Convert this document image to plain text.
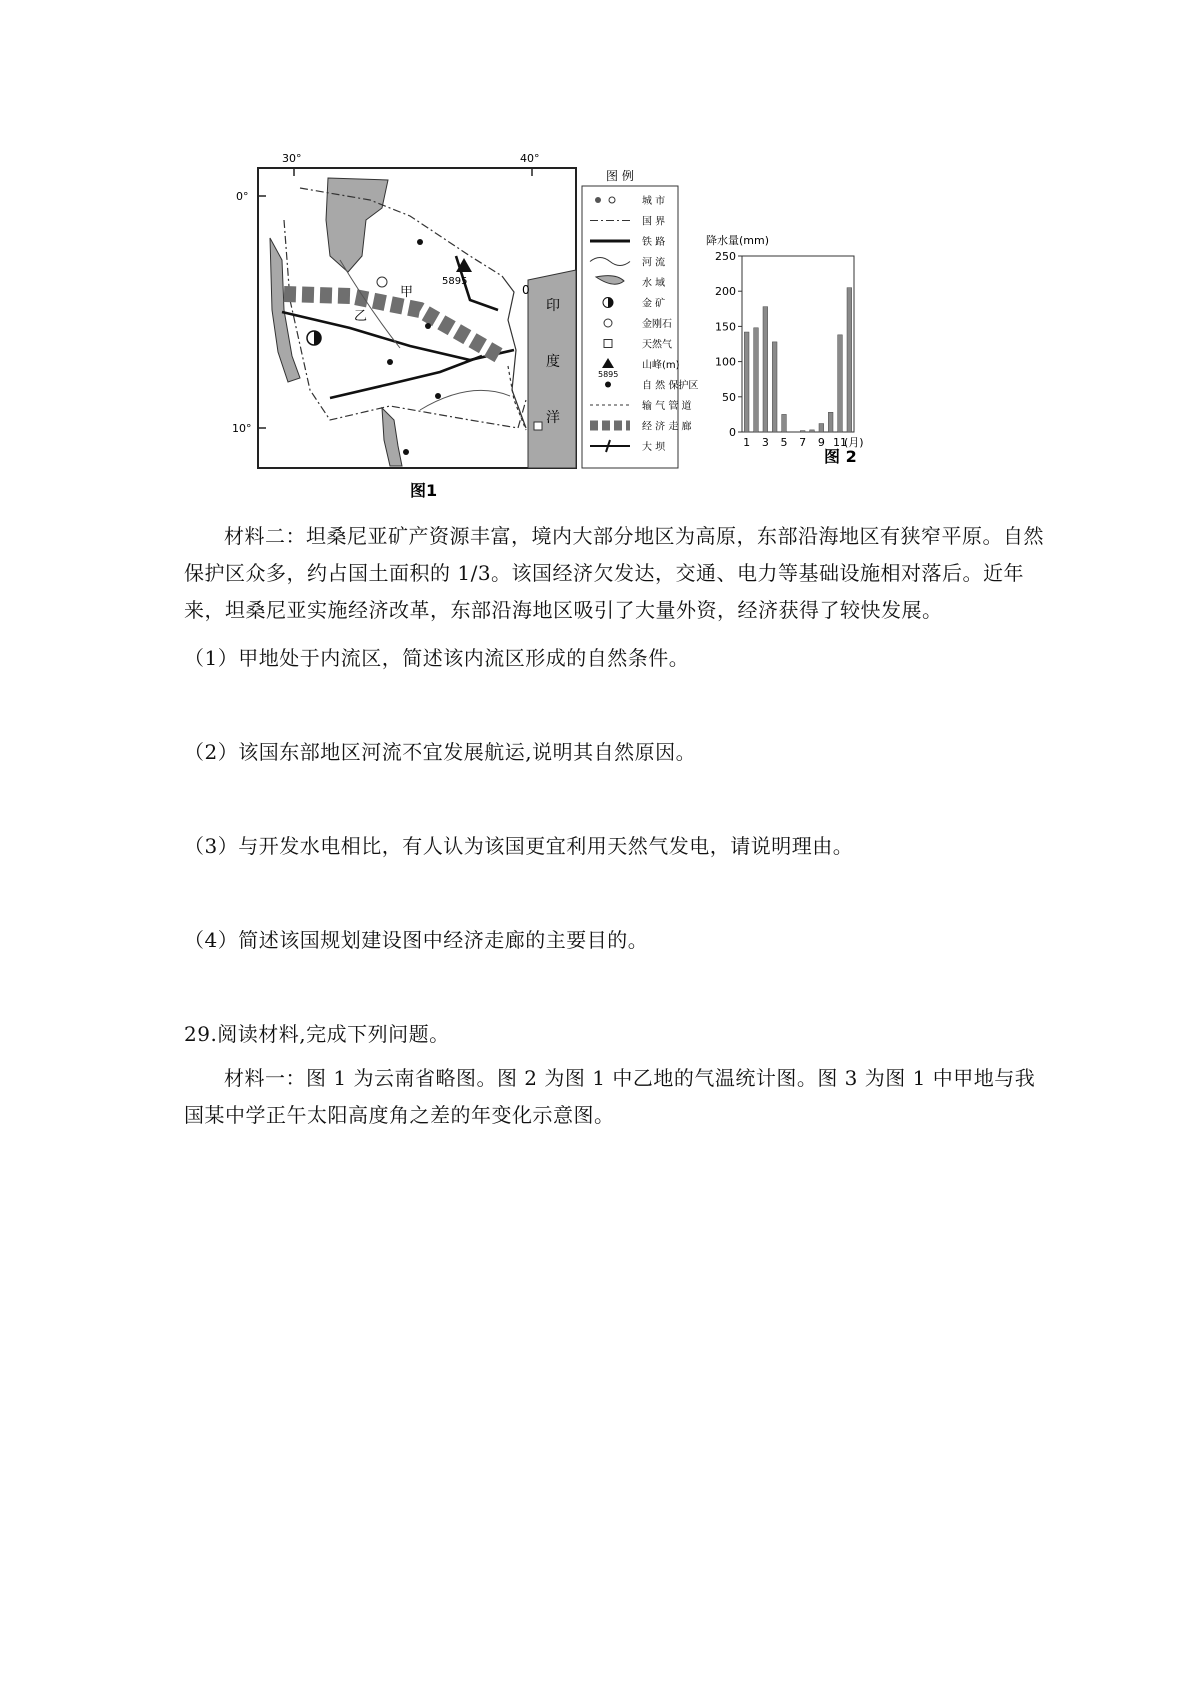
30°	40°
0°
10°
印
度
洋
5895
甲
乙
0
图1
图 例
城 市
国 界
铁 路
河 流
水 域
金 矿
金刚石
天然气
5895
山峰(m)
自 然 保护区
输 气 管 道
经 济 走 廊
大 坝
降水量(mm)
0
50
100
150
200
250
1 3 5 7 9 11
(月)
图 2

材料二：坦桑尼亚矿产资源丰富，境内大部分地区为高原，东部沿海地区有狭窄平原。自然保护区众多，约占国土面积的 1/3。该国经济欠发达，交通、电力等基础设施相对落后。近年来，坦桑尼亚实施经济改革，东部沿海地区吸引了大量外资，经济获得了较快发展。

（1）甲地处于内流区，简述该内流区形成的自然条件。

（2）该国东部地区河流不宜发展航运,说明其自然原因。

（3）与开发水电相比，有人认为该国更宜利用天然气发电，请说明理由。

（4）简述该国规划建设图中经济走廊的主要目的。

29.阅读材料,完成下列问题。

材料一：图 1 为云南省略图。图 2 为图 1 中乙地的气温统计图。图 3 为图 1 中甲地与我国某中学正午太阳高度角之差的年变化示意图。
